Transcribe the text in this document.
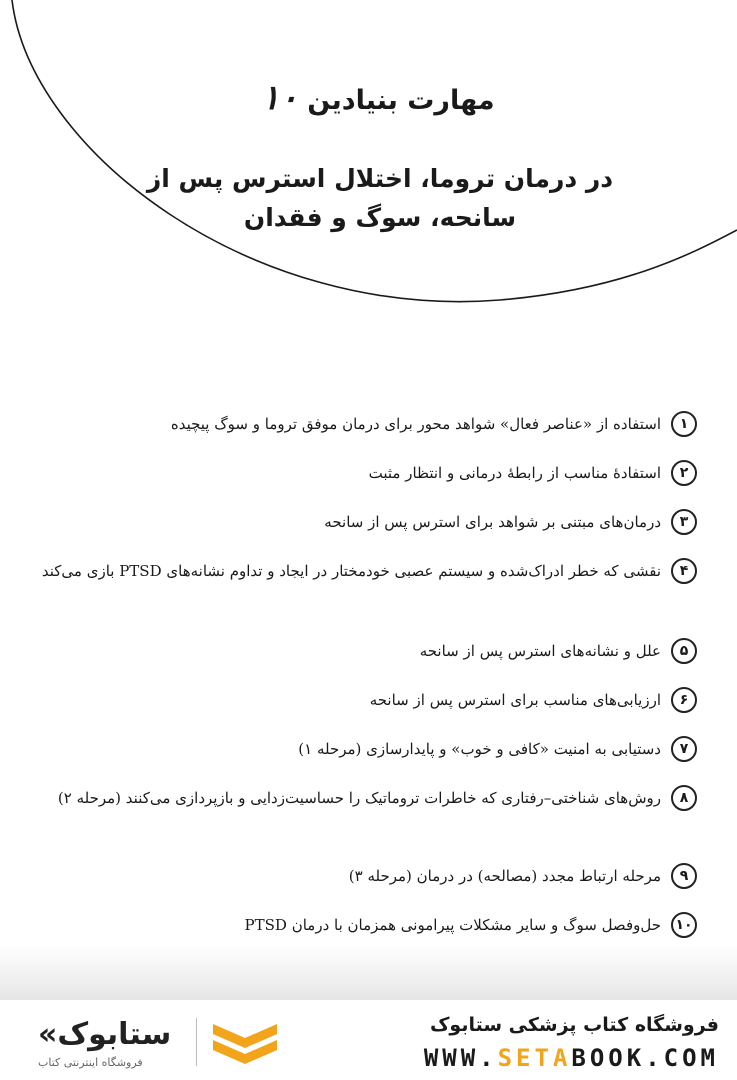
مهارت بنیادین ۱۰
در درمان تروما، اختلال استرس پس از
سانحه، سوگ و فقدان
۱
استفاده از «عناصر فعال» شواهد محور برای درمان موفق تروما و سوگ پیچیده
۲
استفادهٔ مناسب از رابطهٔ درمانی و انتظار مثبت
۳
درمان‌های مبتنی بر شواهد برای استرس پس از سانحه
۴
نقشی که خطر ادراک‌شده و سیستم عصبی خودمختار در ایجاد و تداوم نشانه‌های PTSD بازی می‌کند
۵
علل و نشانه‌های استرس پس از سانحه
۶
ارزیابی‌های مناسب برای استرس پس از سانحه
۷
دستیابی به امنیت «کافی و خوب» و پایدارسازی (مرحله ۱)
۸
روش‌های شناختی–رفتاری که خاطرات تروماتیک را حساسیت‌زدایی و بازپردازی می‌کنند (مرحله ۲)
۹
مرحله ارتباط مجدد (مصالحه) در درمان (مرحله ۳)
۱۰
حل‌وفصل سوگ و سایر مشکلات پیرامونی همزمان با درمان PTSD
فروشگاه کتاب پزشکی ستابوک
WWW.SETABOOK.COM
«ستابوک
فروشگاه اینترنتی کتاب
